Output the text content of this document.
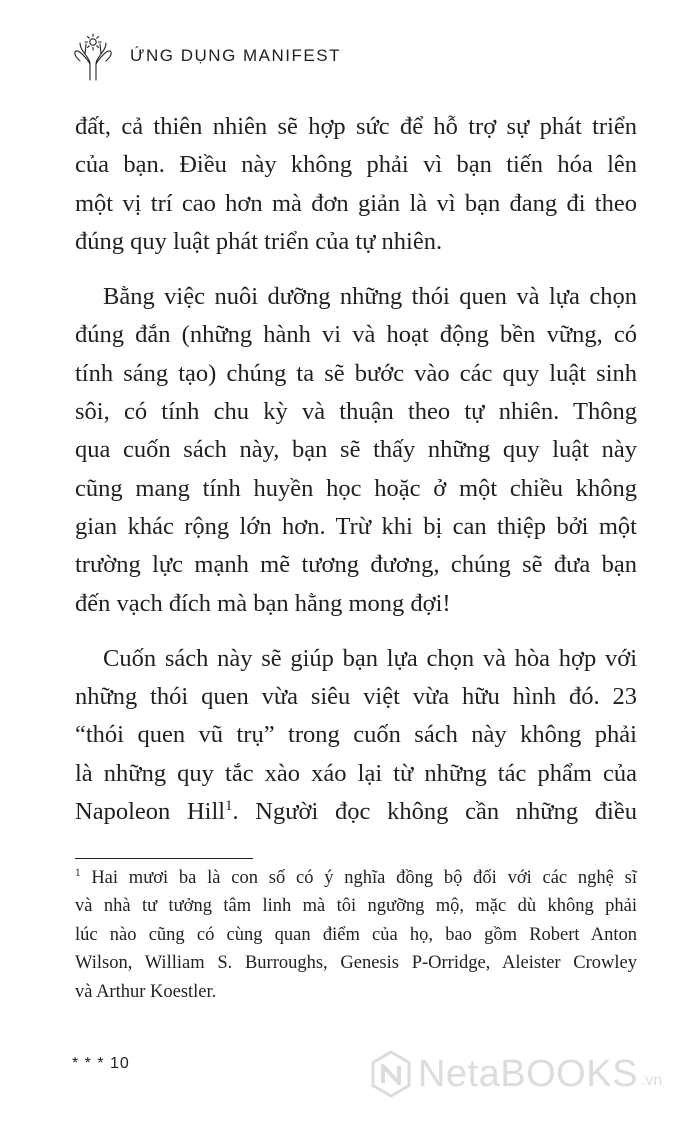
ỨNG DỤNG MANIFEST
đất, cả thiên nhiên sẽ hợp sức để hỗ trợ sự phát triển
của bạn. Điều này không phải vì bạn tiến hóa lên
một vị trí cao hơn mà đơn giản là vì bạn đang đi theo
đúng quy luật phát triển của tự nhiên.
Bằng việc nuôi dưỡng những thói quen và lựa chọn
đúng đắn (những hành vi và hoạt động bền vững, có
tính sáng tạo) chúng ta sẽ bước vào các quy luật sinh
sôi, có tính chu kỳ và thuận theo tự nhiên. Thông
qua cuốn sách này, bạn sẽ thấy những quy luật này
cũng mang tính huyền học hoặc ở một chiều không
gian khác rộng lớn hơn. Trừ khi bị can thiệp bởi một
trường lực mạnh mẽ tương đương, chúng sẽ đưa bạn
đến vạch đích mà bạn hằng mong đợi!
Cuốn sách này sẽ giúp bạn lựa chọn và hòa hợp với
những thói quen vừa siêu việt vừa hữu hình đó. 23
“thói quen vũ trụ” trong cuốn sách này không phải
là những quy tắc xào xáo lại từ những tác phẩm của
Napoleon Hill$^1$. Người đọc không cần những điều
$^1$ Hai mươi ba là con số có ý nghĩa đồng bộ đối với các nghệ sĩ
và nhà tư tưởng tâm linh mà tôi ngưỡng mộ, mặc dù không phải
lúc nào cũng có cùng quan điểm của họ, bao gồm Robert Anton
Wilson, William S. Burroughs, Genesis P-Orridge, Aleister Crowley
và Arthur Koestler.
* * * 10	NetaBOOKS .vn
